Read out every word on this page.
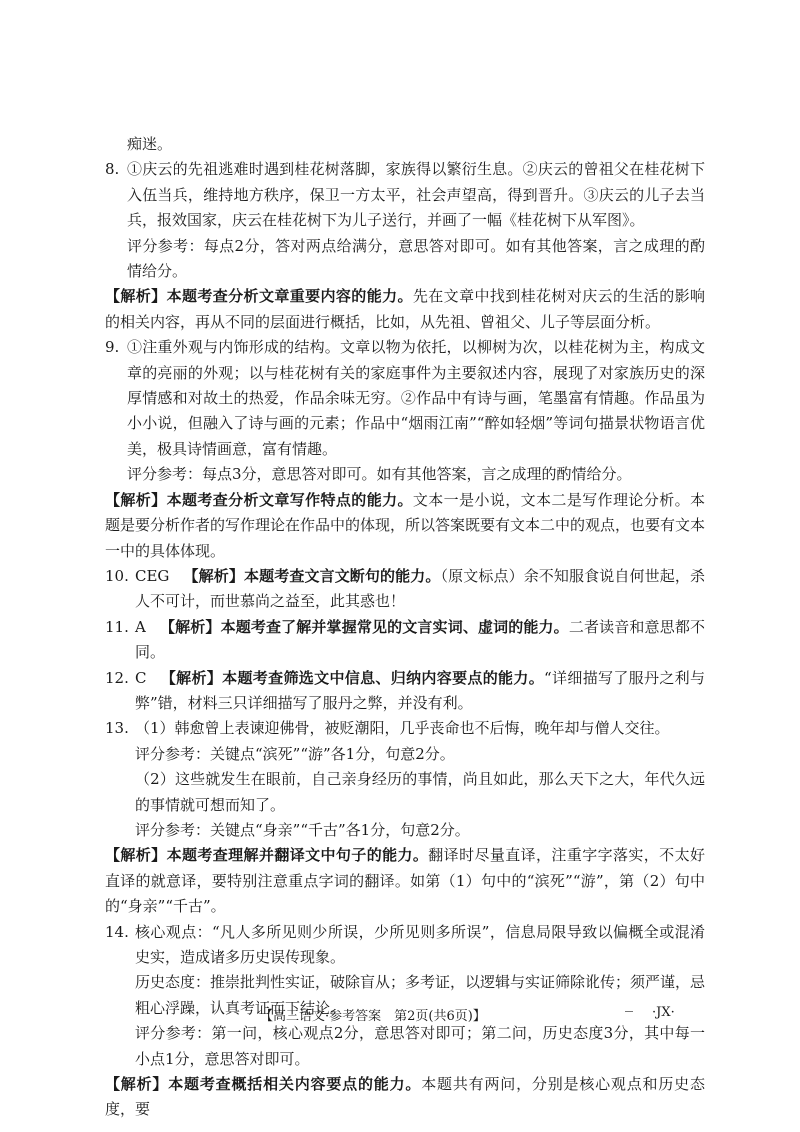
痴迷。

8. ①庆云的先祖逃难时遇到桂花树落脚，家族得以繁衍生息。②庆云的曾祖父在桂花树下入伍当兵，维持地方秩序，保卫一方太平，社会声望高，得到晋升。③庆云的儿子去当兵，报效国家，庆云在桂花树下为儿子送行，并画了一幅《桂花树下从军图》。

评分参考：每点2分，答对两点给满分，意思答对即可。如有其他答案，言之成理的酌情给分。

【解析】本题考查分析文章重要内容的能力。先在文章中找到桂花树对庆云的生活的影响的相关内容，再从不同的层面进行概括，比如，从先祖、曾祖父、儿子等层面分析。

9. ①注重外观与内饰形成的结构。文章以物为依托，以柳树为次，以桂花树为主，构成文章的亮丽的外观；以与桂花树有关的家庭事件为主要叙述内容，展现了对家族历史的深厚情感和对故土的热爱，作品余味无穷。②作品中有诗与画，笔墨富有情趣。作品虽为小小说，但融入了诗与画的元素；作品中“烟雨江南”“醉如轻烟”等词句描景状物语言优美，极具诗情画意，富有情趣。

评分参考：每点3分，意思答对即可。如有其他答案，言之成理的酌情给分。

【解析】本题考查分析文章写作特点的能力。文本一是小说，文本二是写作理论分析。本题是要分析作者的写作理论在作品中的体现，所以答案既要有文本二中的观点，也要有文本一中的具体体现。

10. CEG 【解析】本题考查文言文断句的能力。（原文标点）余不知服食说自何世起，杀人不可计，而世慕尚之益至，此其惑也！
11. A 【解析】本题考查了解并掌握常见的文言实词、虚词的能力。二者读音和意思都不同。
12. C 【解析】本题考查筛选文中信息、归纳内容要点的能力。“详细描写了服丹之利与弊”错，材料三只详细描写了服丹之弊，并没有利。
13. （1）韩愈曾上表谏迎佛骨，被贬潮阳，几乎丧命也不后悔，晚年却与僧人交往。

评分参考：关键点“滨死”“游”各1分，句意2分。

（2）这些就发生在眼前，自己亲身经历的事情，尚且如此，那么天下之大，年代久远的事情就可想而知了。

评分参考：关键点“身亲”“千古”各1分，句意2分。

【解析】本题考查理解并翻译文中句子的能力。翻译时尽量直译，注重字字落实，不太好直译的就意译，要特别注意重点字词的翻译。如第（1）句中的“滨死”“游”，第（2）句中的“身亲”“千古”。

14. 核心观点：“凡人多所见则少所误，少所见则多所误”，信息局限导致以偏概全或混淆史实，造成诸多历史误传现象。

历史态度：推崇批判性实证，破除盲从；多考证，以逻辑与实证筛除讹传；须严谨，忌粗心浮躁，认真考证而下结论。

评分参考：第一问，核心观点2分，意思答对即可；第二问，历史态度3分，其中每一小点1分，意思答对即可。

【解析】本题考查概括相关内容要点的能力。本题共有两问，分别是核心观点和历史态度，要

【高三语文·参考答案　第2页(共6页)】	·JX·
